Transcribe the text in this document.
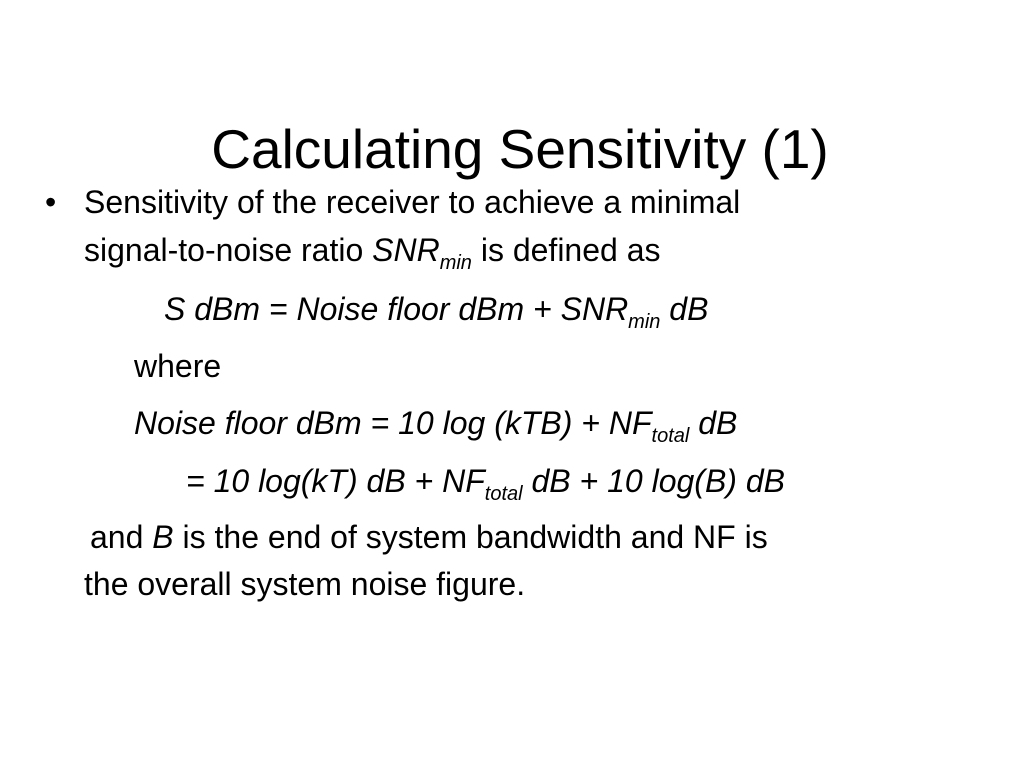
Calculating Sensitivity (1)
• Sensitivity of the receiver to achieve a minimal
signal-to-noise ratio $SNR_{min}$ is defined as
S dBm = Noise floor dBm + $SNR_{min}$ dB
where
Noise floor dBm = 10 $\log (kTB) + NF_{total}$ dB
= 10 log(kT) dB + $NF_{total}$ dB + 10 log(B) dB
and B is the end of system bandwidth and NF is
the overall system noise figure.
